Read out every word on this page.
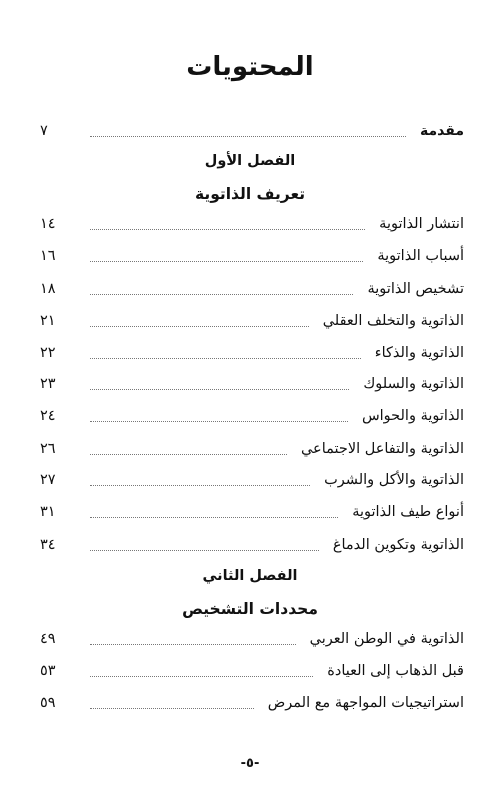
المحتويات
مقدمة
٧
الفصل الأول
تعريف الذاتوية
انتشار الذاتوية
١٤
أسباب الذاتوية
١٦
تشخيص الذاتوية
١٨
الذاتوية والتخلف العقلي
٢١
الذاتوية والذكاء
٢٢
الذاتوية والسلوك
٢٣
الذاتوية والحواس
٢٤
الذاتوية والتفاعل الاجتماعي
٢٦
الذاتوية والأكل والشرب
٢٧
أنواع طيف الذاتوية
٣١
الذاتوية وتكوين الدماغ
٣٤
الفصل الثاني
محددات التشخيص
الذاتوية في الوطن العربي
٤٩
قبل الذهاب إلى العيادة
٥٣
استراتيجيات المواجهة مع المرض
٥٩
-٥-
